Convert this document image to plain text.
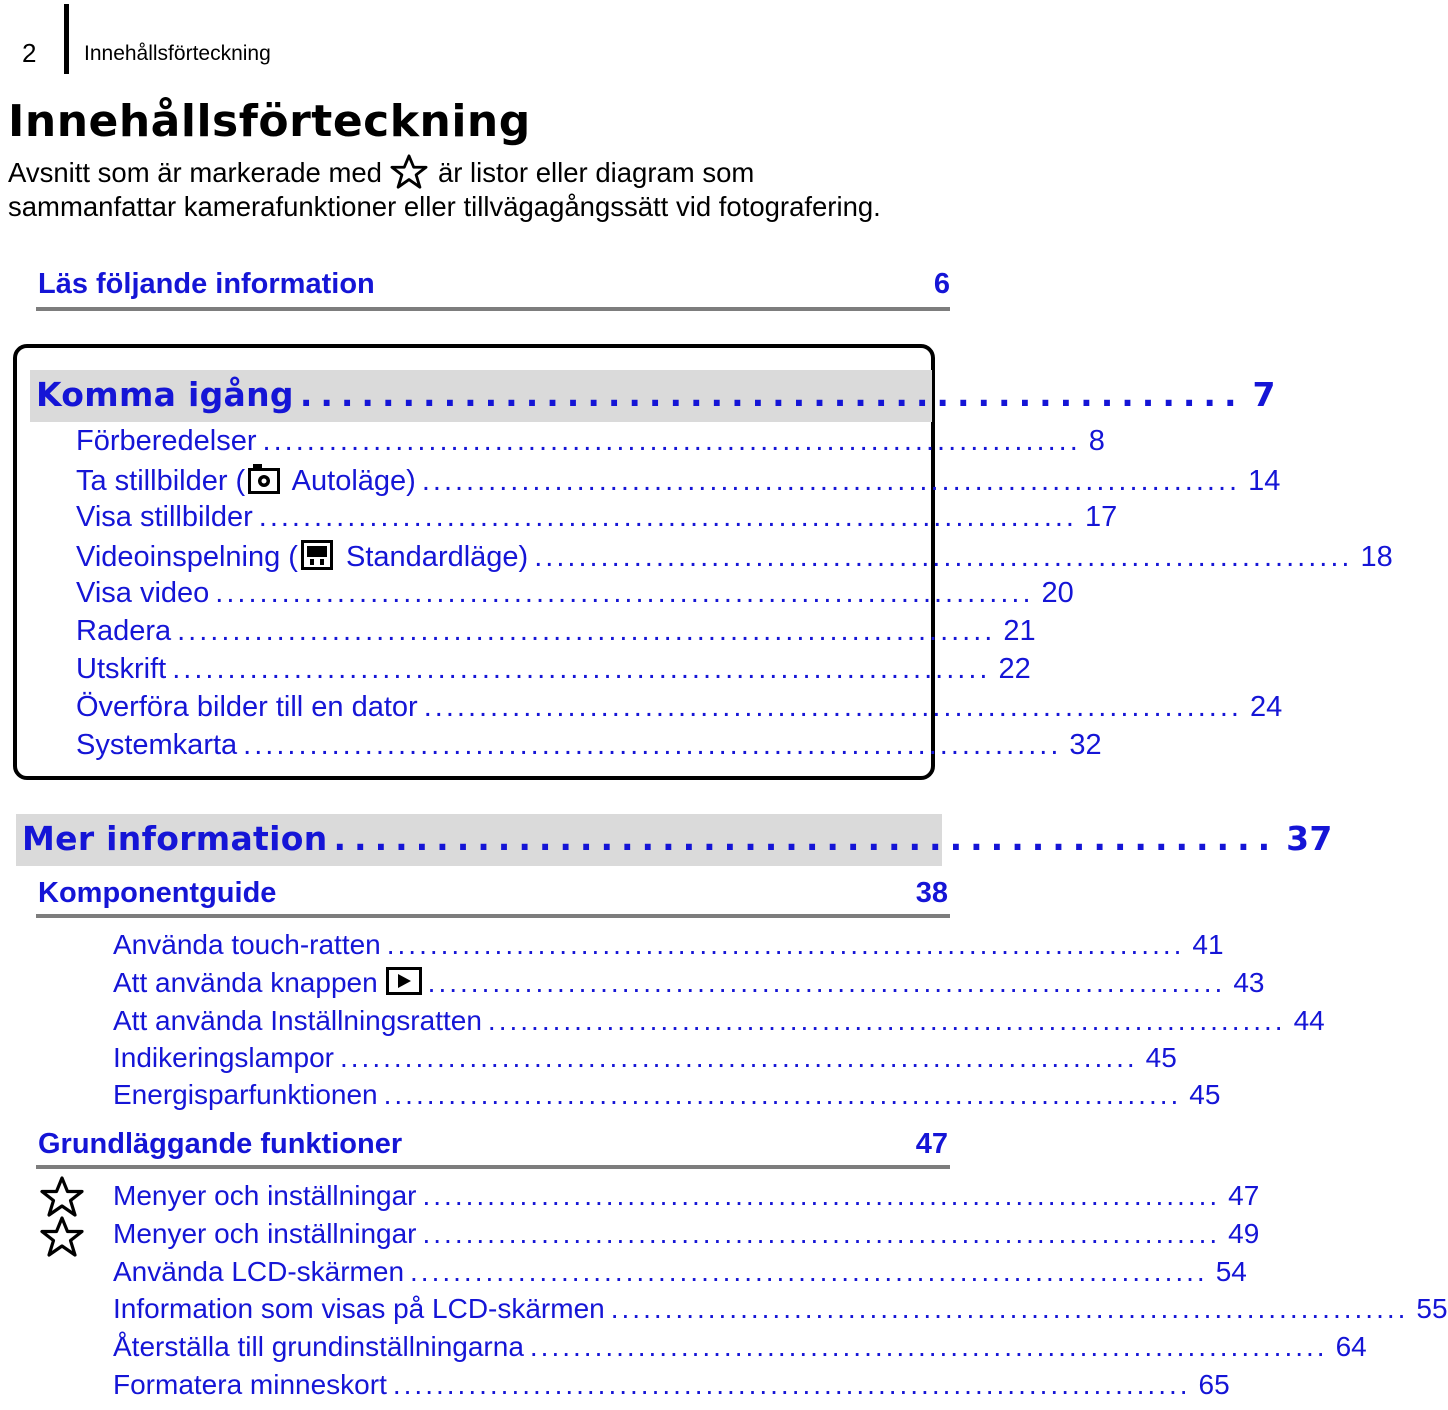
2 Innehållsförteckning
Innehållsförteckning
Avsnitt som är markerade med är listor eller diagram som
sammanfattar kamerafunktioner eller tillvägagångssätt vid fotografering.
Läs följande information	6
Komma igång .............................................. 7
Förberedelser .......................................................................... 8
Ta stillbilder ( Autoläge) .......................................................................... 14
Visa stillbilder .......................................................................... 17
Videoinspelning ( Standardläge) .......................................................................... 18
Visa video .......................................................................... 20
Radera .......................................................................... 21
Utskrift .......................................................................... 22
Överföra bilder till en dator .......................................................................... 24
Systemkarta .......................................................................... 32
Mer information .............................................. 37
Komponentguide	38
Använda touch-ratten .......................................................................... 41
Att använda knappen	.......................................................................... 43
Att använda Inställningsratten .......................................................................... 44
Indikeringslampor .......................................................................... 45
Energisparfunktionen .......................................................................... 45
Grundläggande funktioner	47
Menyer och inställningar .......................................................................... 47
Menyer och inställningar .......................................................................... 49
Använda LCD-skärmen .......................................................................... 54
Information som visas på LCD-skärmen .......................................................................... 55
Återställa till grundinställningarna .......................................................................... 64
Formatera minneskort .......................................................................... 65
